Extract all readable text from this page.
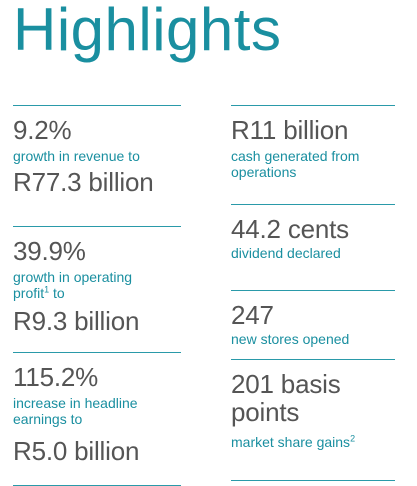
Highlights
9.2%
growth in revenue to
R77.3 billion
39.9%
growth in operating
profit$^1$ to
R9.3 billion
115.2%
increase in headline
earnings to
R5.0 billion
R11 billion
cash generated from
operations
44.2 cents
dividend declared
247
new stores opened
201 basis
points
market share gains$^2$
